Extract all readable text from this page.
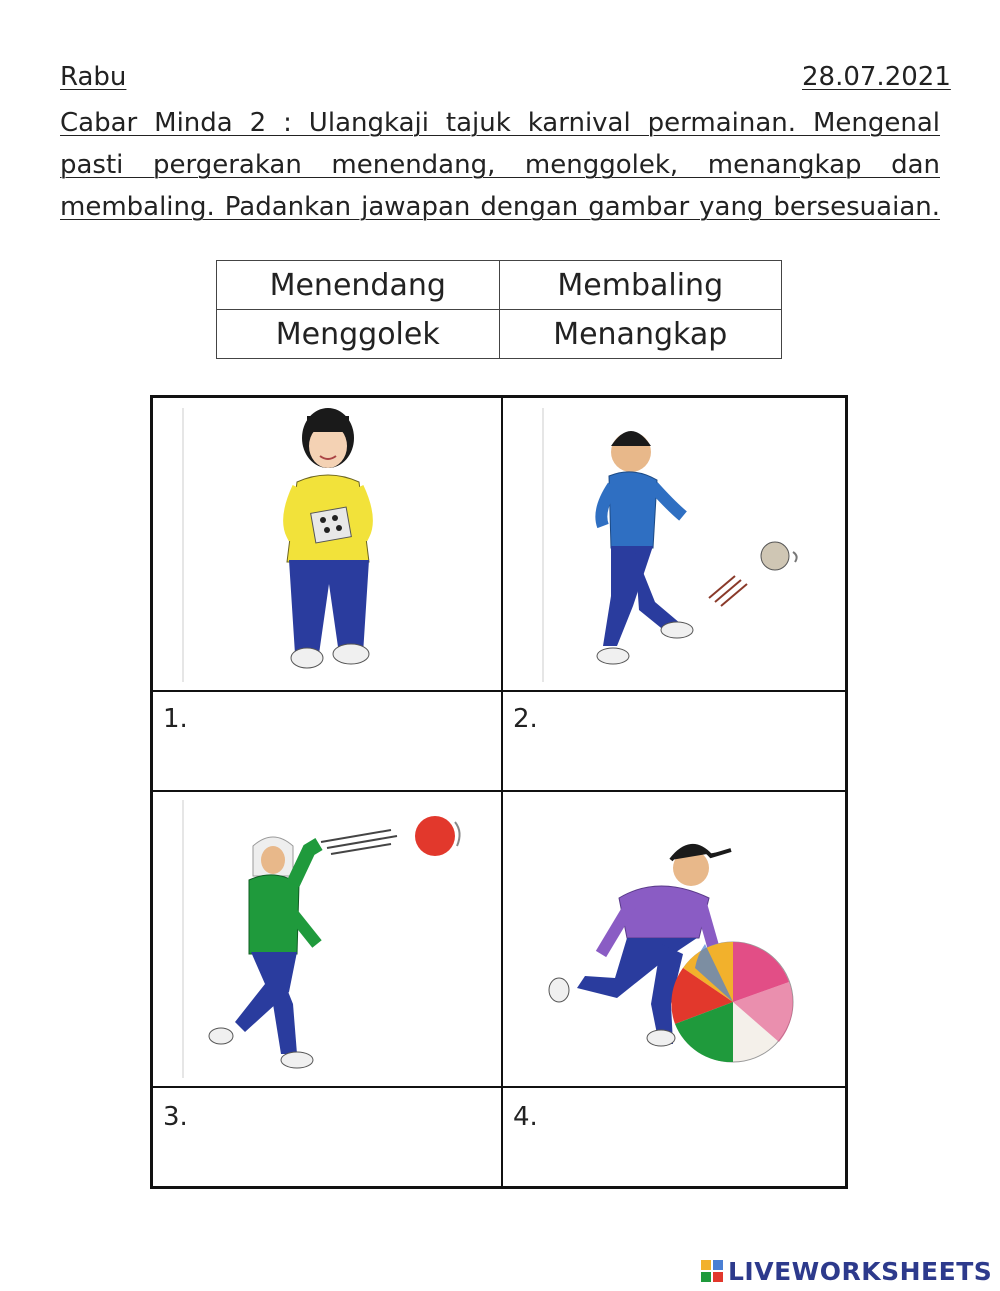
Rabu	28.07.2021
Cabar Minda 2 : Ulangkaji tajuk karnival permainan. Mengenal
pasti pergerakan menendang, menggolek, menangkap dan
membaling. Padankan jawapan dengan gambar yang bersesuaian.
Menendang	Membaling
Menggolek	Menangkap
1.	2.
3.	4.
LIVEWORKSHEETS
